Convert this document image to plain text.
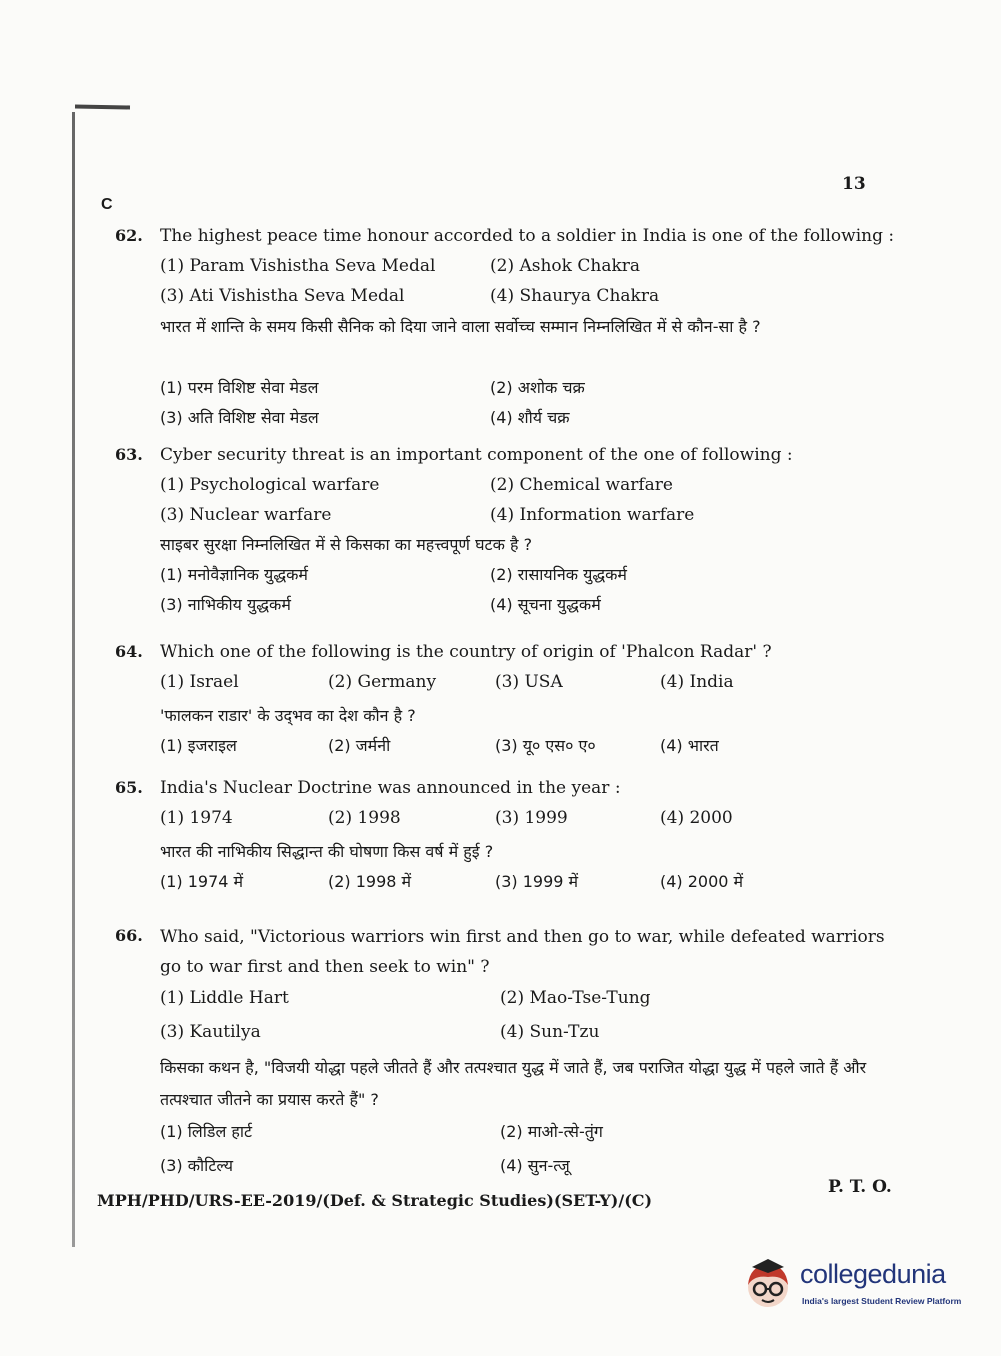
13
C
62. The highest peace time honour accorded to a soldier in India is one of the following :
(1) Param Vishistha Seva Medal	(2) Ashok Chakra
(3) Ati Vishistha Seva Medal	(4) Shaurya Chakra
भारत में शान्ति के समय किसी सैनिक को दिया जाने वाला सर्वोच्च सम्मान निम्नलिखित में से कौन-सा है ?
(1) परम विशिष्ट सेवा मेडल	(2) अशोक चक्र
(3) अति विशिष्ट सेवा मेडल	(4) शौर्य चक्र
63. Cyber security threat is an important component of the one of following :
(1) Psychological warfare	(2) Chemical warfare
(3) Nuclear warfare	(4) Information warfare
साइबर सुरक्षा निम्नलिखित में से किसका का महत्त्वपूर्ण घटक है ?
(1) मनोवैज्ञानिक युद्धकर्म	(2) रासायनिक युद्धकर्म
(3) नाभिकीय युद्धकर्म	(4) सूचना युद्धकर्म
64. Which one of the following is the country of origin of 'Phalcon Radar' ?
(1) Israel	(2) Germany	(3) USA	(4) India
'फालकन राडार' के उद्‌भव का देश कौन है ?
(1) इजराइल	(2) जर्मनी	(3) यू० एस० ए०	(4) भारत
65. India's Nuclear Doctrine was announced in the year :
(1) 1974	(2) 1998	(3) 1999	(4) 2000
भारत की नाभिकीय सिद्धान्त की घोषणा किस वर्ष में हुई ?
(1) 1974 में	(2) 1998 में	(3) 1999 में	(4) 2000 में
66. Who said, "Victorious warriors win first and then go to war, while defeated warriors go to war first and then seek to win" ?
(1) Liddle Hart	(2) Mao-Tse-Tung
(3) Kautilya	(4) Sun-Tzu
किसका कथन है, "विजयी योद्धा पहले जीतते हैं और तत्पश्चात युद्ध में जाते हैं, जब पराजित योद्धा युद्ध में पहले जाते हैं और तत्पश्चात जीतने का प्रयास करते हैं" ?
(1) लिडिल हार्ट	(2) माओ-त्से-तुंग
(3) कौटिल्य	(4) सुन-त्जू
P. T. O.
MPH/PHD/URS-EE-2019/(Def. & Strategic Studies)(SET-Y)/(C)
collegedunia
India's largest Student Review Platform
